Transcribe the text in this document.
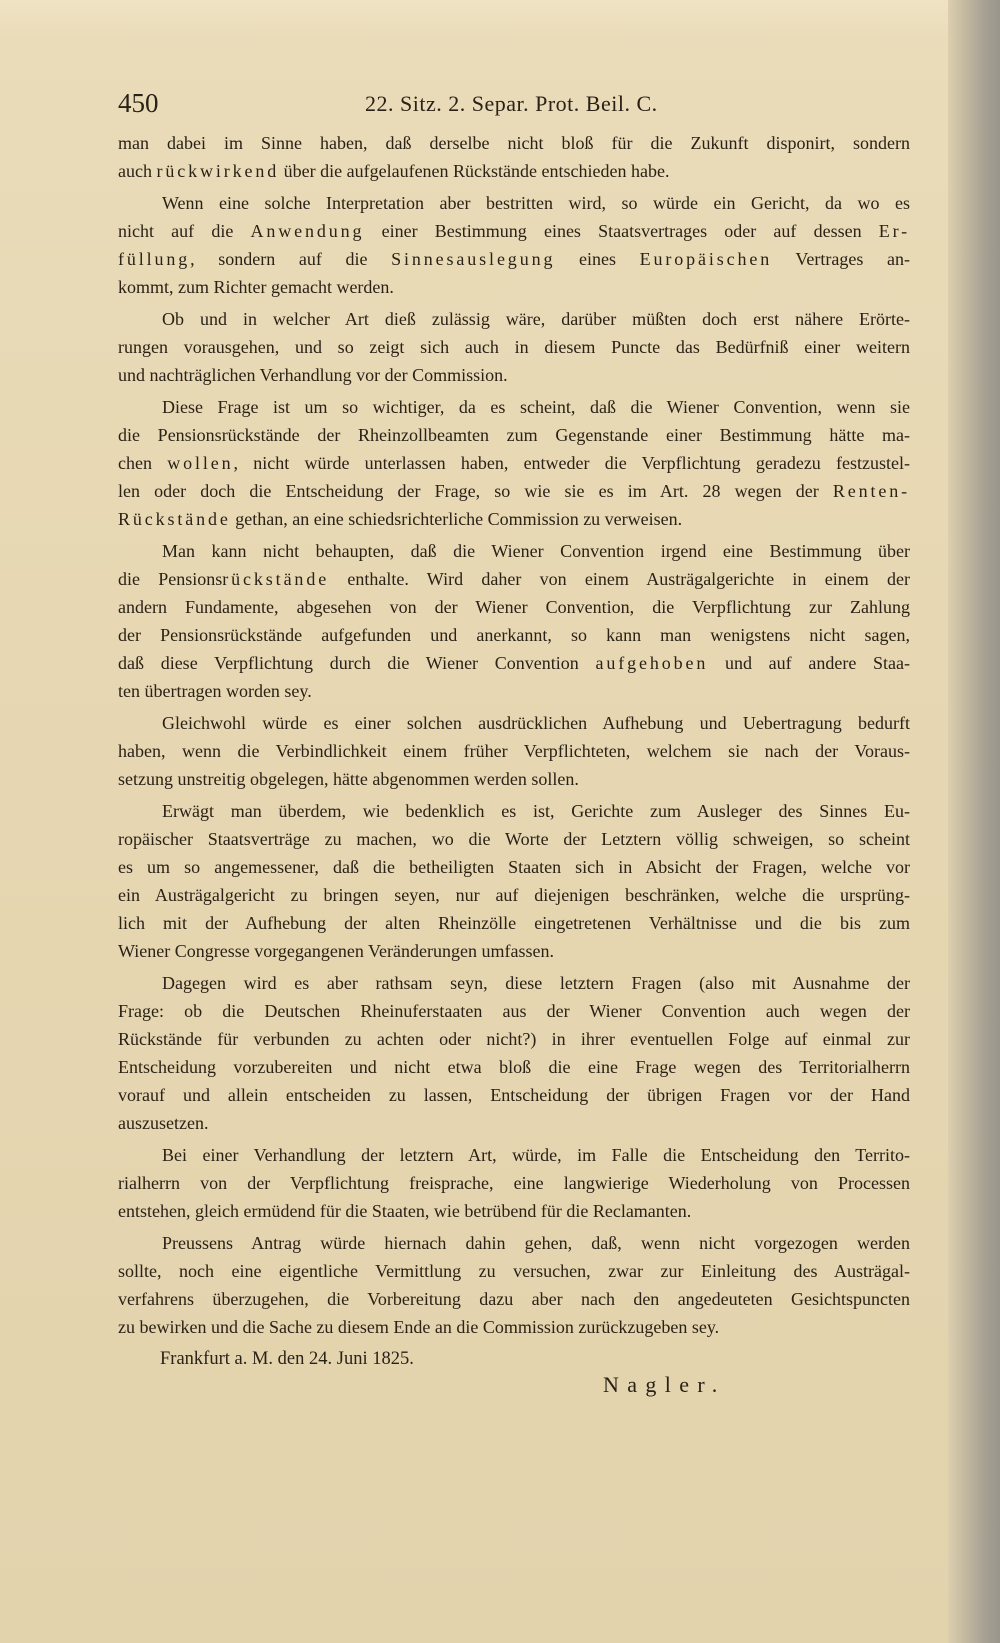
450	22. Sitz. 2. Separ. Prot. Beil. C.
man dabei im Sinne haben, daß derselbe nicht bloß für die Zukunft disponirt, sondern
auch rückwirkend über die aufgelaufenen Rückstände entschieden habe.
Wenn eine solche Interpretation aber bestritten wird, so würde ein Gericht, da wo es
nicht auf die Anwendung einer Bestimmung eines Staatsvertrages oder auf dessen Er-
füllung, sondern auf die Sinnesauslegung eines Europäischen Vertrages an-
kommt, zum Richter gemacht werden.
Ob und in welcher Art dieß zulässig wäre, darüber müßten doch erst nähere Erörte-
rungen vorausgehen, und so zeigt sich auch in diesem Puncte das Bedürfniß einer weitern
und nachträglichen Verhandlung vor der Commission.
Diese Frage ist um so wichtiger, da es scheint, daß die Wiener Convention, wenn sie
die Pensionsrückstände der Rheinzollbeamten zum Gegenstande einer Bestimmung hätte ma-
chen wollen, nicht würde unterlassen haben, entweder die Verpflichtung geradezu festzustel-
len oder doch die Entscheidung der Frage, so wie sie es im Art. 28 wegen der Renten-
Rückstände gethan, an eine schiedsrichterliche Commission zu verweisen.
Man kann nicht behaupten, daß die Wiener Convention irgend eine Bestimmung über
die Pensionsrückstände enthalte. Wird daher von einem Austrägalgerichte in einem der
andern Fundamente, abgesehen von der Wiener Convention, die Verpflichtung zur Zahlung
der Pensionsrückstände aufgefunden und anerkannt, so kann man wenigstens nicht sagen,
daß diese Verpflichtung durch die Wiener Convention aufgehoben und auf andere Staa-
ten übertragen worden sey.
Gleichwohl würde es einer solchen ausdrücklichen Aufhebung und Uebertragung bedurft
haben, wenn die Verbindlichkeit einem früher Verpflichteten, welchem sie nach der Voraus-
setzung unstreitig obgelegen, hätte abgenommen werden sollen.
Erwägt man überdem, wie bedenklich es ist, Gerichte zum Ausleger des Sinnes Eu-
ropäischer Staatsverträge zu machen, wo die Worte der Letztern völlig schweigen, so scheint
es um so angemessener, daß die betheiligten Staaten sich in Absicht der Fragen, welche vor
ein Austrägalgericht zu bringen seyen, nur auf diejenigen beschränken, welche die ursprüng-
lich mit der Aufhebung der alten Rheinzölle eingetretenen Verhältnisse und die bis zum
Wiener Congresse vorgegangenen Veränderungen umfassen.
Dagegen wird es aber rathsam seyn, diese letztern Fragen (also mit Ausnahme der
Frage: ob die Deutschen Rheinuferstaaten aus der Wiener Convention auch wegen der
Rückstände für verbunden zu achten oder nicht?) in ihrer eventuellen Folge auf einmal zur
Entscheidung vorzubereiten und nicht etwa bloß die eine Frage wegen des Territorialherrn
vorauf und allein entscheiden zu lassen, Entscheidung der übrigen Fragen vor der Hand
auszusetzen.
Bei einer Verhandlung der letztern Art, würde, im Falle die Entscheidung den Territo-
rialherrn von der Verpflichtung freisprache, eine langwierige Wiederholung von Processen
entstehen, gleich ermüdend für die Staaten, wie betrübend für die Reclamanten.
Preussens Antrag würde hiernach dahin gehen, daß, wenn nicht vorgezogen werden
sollte, noch eine eigentliche Vermittlung zu versuchen, zwar zur Einleitung des Austrägal-
verfahrens überzugehen, die Vorbereitung dazu aber nach den angedeuteten Gesichtspuncten
zu bewirken und die Sache zu diesem Ende an die Commission zurückzugeben sey.
Frankfurt a. M. den 24. Juni 1825.
Nagler.
